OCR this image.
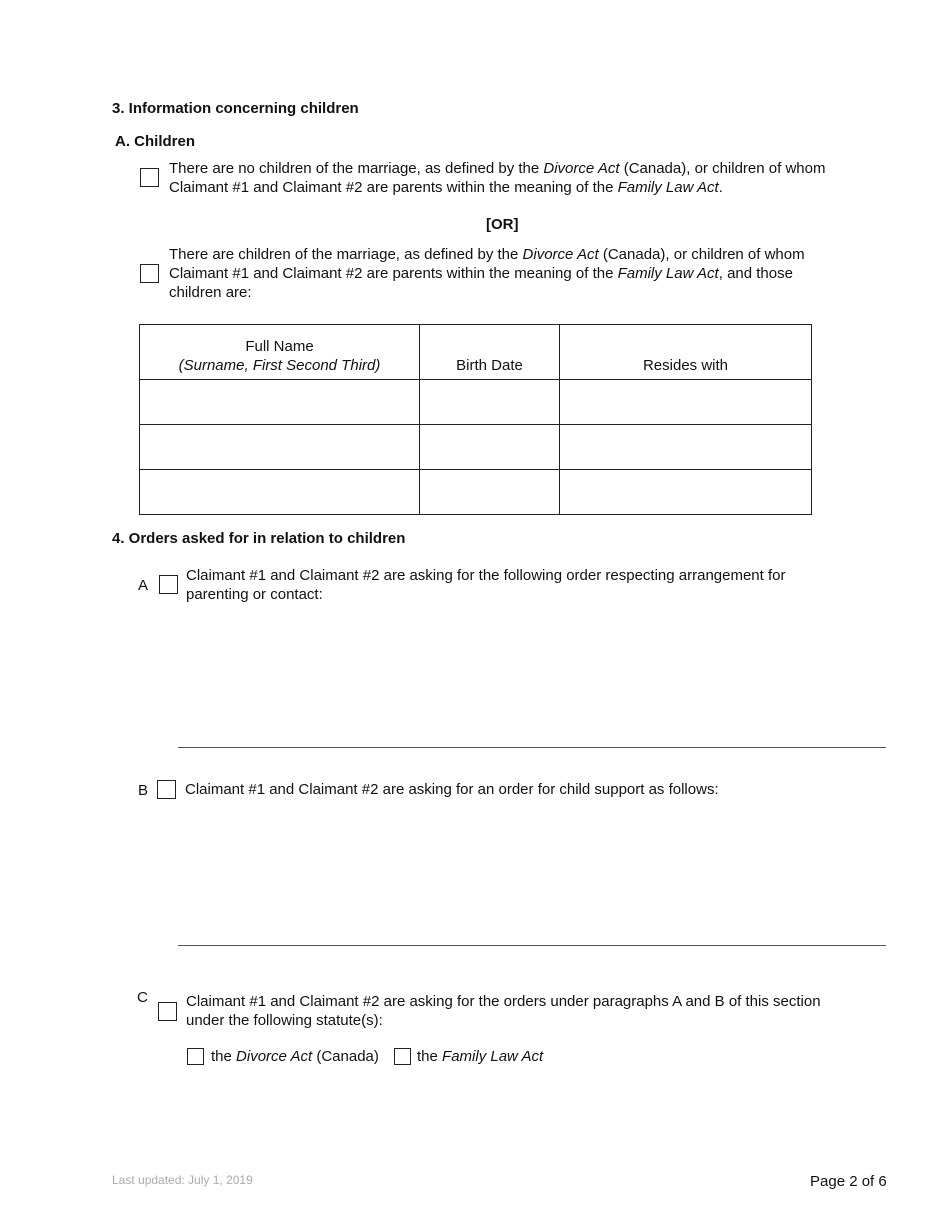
3. Information concerning children
A. Children
There are no children of the marriage, as defined by the Divorce Act (Canada), or children of whom
Claimant #1 and Claimant #2 are parents within the meaning of the Family Law Act.
[OR]
There are children of the marriage, as defined by the Divorce Act (Canada), or children of whom
Claimant #1 and Claimant #2 are parents within the meaning of the Family Law Act, and those
children are:
Full Name
(Surname, First Second Third)	Birth Date	Resides with

4. Orders asked for in relation to children
A
Claimant #1 and Claimant #2 are asking for the following order respecting arrangement for
parenting or contact:
B Claimant #1 and Claimant #2 are asking for an order for child support as follows:
C	Claimant #1 and Claimant #2 are asking for the orders under paragraphs A and B of this section
under the following statute(s):
the Divorce Act (Canada)	the Family Law Act
Last updated: July 1, 2019	Page 2 of 6
